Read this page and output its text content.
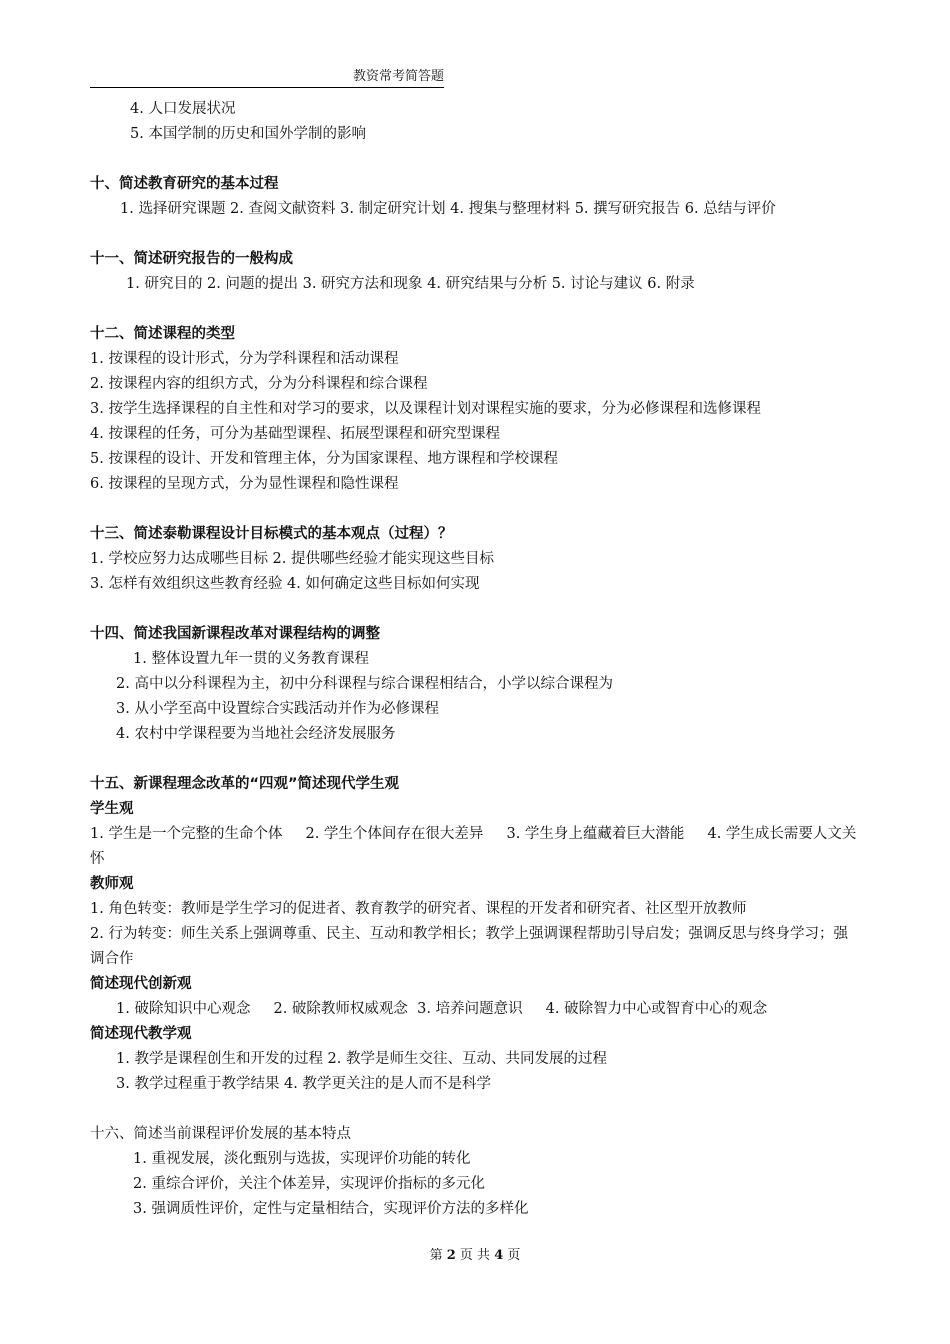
教资常考简答题
4. 人口发展状况
5. 本国学制的历史和国外学制的影响
十、简述教育研究的基本过程
1. 选择研究课题 2. 查阅文献资料 3. 制定研究计划 4. 搜集与整理材料 5. 撰写研究报告 6. 总结与评价
十一、简述研究报告的一般构成
1. 研究目的 2. 问题的提出 3. 研究方法和现象 4. 研究结果与分析 5. 讨论与建议 6. 附录
十二、简述课程的类型
1. 按课程的设计形式，分为学科课程和活动课程
2. 按课程内容的组织方式，分为分科课程和综合课程
3. 按学生选择课程的自主性和对学习的要求，以及课程计划对课程实施的要求，分为必修课程和选修课程
4. 按课程的任务，可分为基础型课程、拓展型课程和研究型课程
5. 按课程的设计、开发和管理主体，分为国家课程、地方课程和学校课程
6. 按课程的呈现方式，分为显性课程和隐性课程
十三、简述泰勒课程设计目标模式的基本观点（过程）？
1. 学校应努力达成哪些目标 2. 提供哪些经验才能实现这些目标
3. 怎样有效组织这些教育经验 4. 如何确定这些目标如何实现
十四、简述我国新课程改革对课程结构的调整
1. 整体设置九年一贯的义务教育课程
2. 高中以分科课程为主，初中分科课程与综合课程相结合，小学以综合课程为
3. 从小学至高中设置综合实践活动并作为必修课程
4. 农村中学课程要为当地社会经济发展服务
十五、新课程理念改革的“四观”简述现代学生观
学生观
1. 学生是一个完整的生命个体     2. 学生个体间存在很大差异     3. 学生身上蕴藏着巨大潜能     4. 学生成长需要人文关怀
教师观
1. 角色转变：教师是学生学习的促进者、教育教学的研究者、课程的开发者和研究者、社区型开放教师
2. 行为转变：师生关系上强调尊重、民主、互动和教学相长；教学上强调课程帮助引导启发；强调反思与终身学习；强调合作
简述现代创新观
1. 破除知识中心观念     2. 破除教师权威观念  3. 培养问题意识     4. 破除智力中心或智育中心的观念
简述现代教学观
1. 教学是课程创生和开发的过程 2. 教学是师生交往、互动、共同发展的过程
3. 教学过程重于教学结果 4. 教学更关注的是人而不是科学
十六、简述当前课程评价发展的基本特点
1. 重视发展，淡化甄别与选拔，实现评价功能的转化
2. 重综合评价，关注个体差异，实现评价指标的多元化
3. 强调质性评价，定性与定量相结合，实现评价方法的多样化
第 2 页 共 4 页
